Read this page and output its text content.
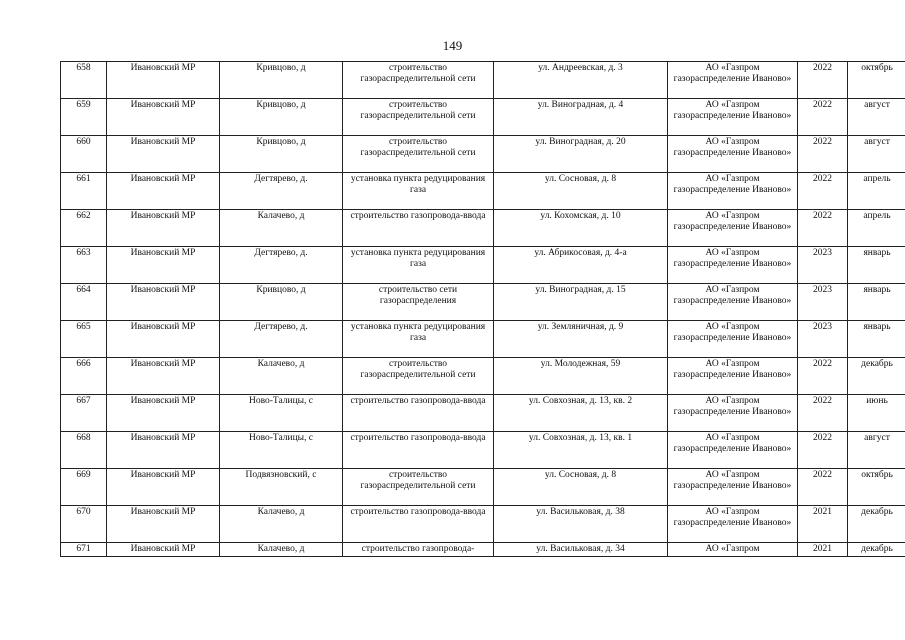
149
658	Ивановский МР	Кривцово, д	строительство газораспределительной сети	ул. Андреевская, д. 3	АО «Газпром газораспределение Иваново»	2022	октябрь
659	Ивановский МР	Кривцово, д	строительство газораспределительной сети	ул. Виноградная, д. 4	АО «Газпром газораспределение Иваново»	2022	август
660	Ивановский МР	Кривцово, д	строительство газораспределительной сети	ул. Виноградная, д. 20	АО «Газпром газораспределение Иваново»	2022	август
661	Ивановский МР	Дегтярево, д.	установка пункта редуцирования газа	ул. Сосновая, д. 8	АО «Газпром газораспределение Иваново»	2022	апрель
662	Ивановский МР	Калачево, д	строительство газопровода-ввода	ул. Кохомская, д. 10	АО «Газпром газораспределение Иваново»	2022	апрель
663	Ивановский МР	Дегтярево, д.	установка пункта редуцирования газа	ул. Абрикосовая, д. 4-а	АО «Газпром газораспределение Иваново»	2023	январь
664	Ивановский МР	Кривцово, д	строительство сети газораспределения	ул. Виноградная, д. 15	АО «Газпром газораспределение Иваново»	2023	январь
665	Ивановский МР	Дегтярево, д.	установка пункта редуцирования газа	ул. Земляничная, д. 9	АО «Газпром газораспределение Иваново»	2023	январь
666	Ивановский МР	Калачево, д	строительство газораспределительной сети	ул. Молодежная, 59	АО «Газпром газораспределение Иваново»	2022	декабрь
667	Ивановский МР	Ново-Талицы, с	строительство газопровода-ввода	ул. Совхозная, д. 13, кв. 2	АО «Газпром газораспределение Иваново»	2022	июнь
668	Ивановский МР	Ново-Талицы, с	строительство газопровода-ввода	ул. Совхозная, д. 13, кв. 1	АО «Газпром газораспределение Иваново»	2022	август
669	Ивановский МР	Подвязновский, с	строительство газораспределительной сети	ул. Сосновая, д. 8	АО «Газпром газораспределение Иваново»	2022	октябрь
670	Ивановский МР	Калачево, д	строительство газопровода-ввода	ул. Васильковая, д. 38	АО «Газпром газораспределение Иваново»	2021	декабрь
671	Ивановский МР	Калачево, д	строительство газопровода-	ул. Васильковая, д. 34	АО «Газпром	2021	декабрь
